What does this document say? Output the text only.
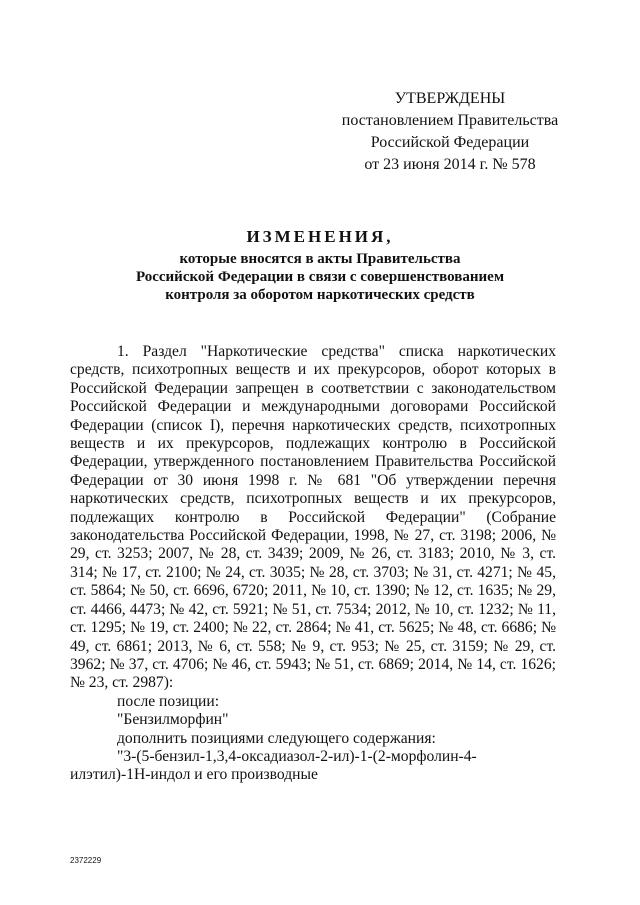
УТВЕРЖДЕНЫ
постановлением Правительства
Российской Федерации
от 23 июня 2014 г. № 578
ИЗМЕНЕНИЯ,
которые вносятся в акты Правительства
Российской Федерации в связи с совершенствованием
контроля за оборотом наркотических средств

1. Раздел "Наркотические средства" списка наркотических средств, психотропных веществ и их прекурсоров, оборот которых в Российской Федерации запрещен в соответствии с законодательством Российской Федерации и международными договорами Российской Федерации (список I), перечня наркотических средств, психотропных веществ и их прекурсоров, подлежащих контролю в Российской Федерации, утвержденного постановлением Правительства Российской Федерации от 30 июня 1998 г. № 681 "Об утверждении перечня наркотических средств, психотропных веществ и их прекурсоров, подлежащих контролю в Российской Федерации" (Собрание законодательства Российской Федерации, 1998, № 27, ст. 3198; 2006, № 29, ст. 3253; 2007, № 28, ст. 3439; 2009, № 26, ст. 3183; 2010, № 3, ст. 314; № 17, ст. 2100; № 24, ст. 3035; № 28, ст. 3703; № 31, ст. 4271; № 45, ст. 5864; № 50, ст. 6696, 6720; 2011, № 10, ст. 1390; № 12, ст. 1635; № 29, ст. 4466, 4473; № 42, ст. 5921; № 51, ст. 7534; 2012, № 10, ст. 1232; № 11, ст. 1295; № 19, ст. 2400; № 22, ст. 2864; № 41, ст. 5625; № 48, ст. 6686; № 49, ст. 6861; 2013, № 6, ст. 558; № 9, ст. 953; № 25, ст. 3159; № 29, ст. 3962; № 37, ст. 4706; № 46, ст. 5943; № 51, ст. 6869; 2014, № 14, ст. 1626; № 23, ст. 2987):

после позиции:

"Бензилморфин"

дополнить позициями следующего содержания:

"3-(5-бензил-1,3,4-оксадиазол-2-ил)-1-(2-морфолин-4-илэтил)-1H-индол и его производные

2372229
